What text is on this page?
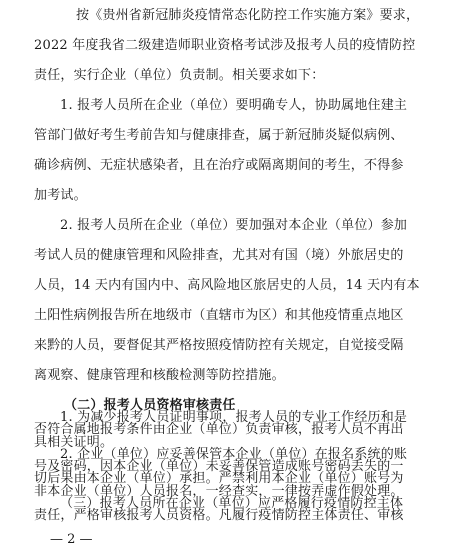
按《贵州省新冠肺炎疫情常态化防控工作实施方案》要求，
2022 年度我省二级建造师职业资格考试涉及报考人员的疫情防控
责任，实行企业（单位）负责制。相关要求如下：
1. 报考人员所在企业（单位）要明确专人，协助属地住建主
管部门做好考生考前告知与健康排查，属于新冠肺炎疑似病例、
确诊病例、无症状感染者，且在治疗或隔离期间的考生，不得参
加考试。
2. 报考人员所在企业（单位）要加强对本企业（单位）参加
考试人员的健康管理和风险排查，尤其对有国（境）外旅居史的
人员，14 天内有国内中、高风险地区旅居史的人员，14 天内有本
土阳性病例报告所在地级市（直辖市为区）和其他疫情重点地区
来黔的人员，要督促其严格按照疫情防控有关规定，自觉接受隔
离观察、健康管理和核酸检测等防控措施。
（二）报考人员资格审核责任
1. 为减少报考人员证明事项，报考人员的专业工作经历和是
否符合属地报考条件由企业（单位）负责审核，报考人员不再出
具相关证明。
2. 企业（单位）应妥善保管本企业（单位）在报名系统的账
号及密码，因本企业（单位）未妥善保管造成账号密码丢失的一
切后果由本企业（单位）承担。严禁利用本企业（单位）账号为
非本企业（单位）人员报名，一经查实，一律按弄虚作假处理。
（三）报考人员所在企业（单位）应严格履行疫情防控主体
责任，严格审核报考人员资格。凡履行疫情防控主体责任、审核
— 2 —
